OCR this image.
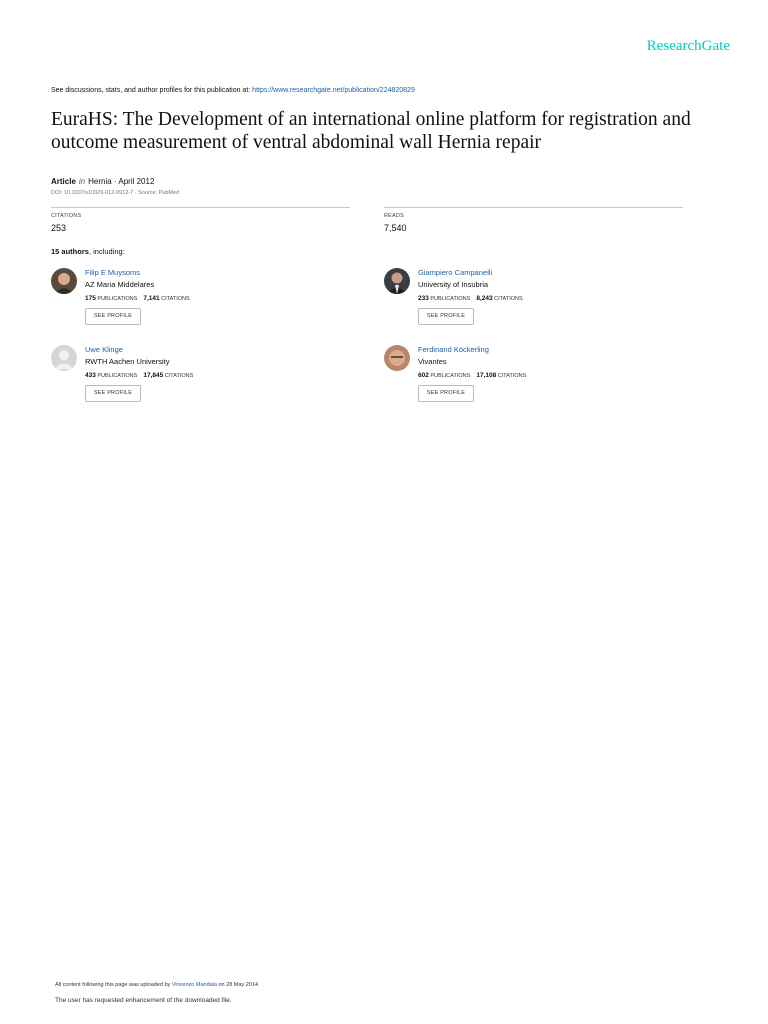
ResearchGate
See discussions, stats, and author profiles for this publication at: https://www.researchgate.net/publication/224820829
EuraHS: The Development of an international online platform for registration and outcome measurement of ventral abdominal wall Hernia repair
Article in Hernia · April 2012
DOI: 10.1007/s10029-012-0912-7 · Source: PubMed
CITATIONS
253
READS
7,540
15 authors, including:
Filip E Muysoms
AZ Maria Middelares
175 PUBLICATIONS 7,141 CITATIONS
SEE PROFILE
Giampiero Campanelli
University of Insubria
233 PUBLICATIONS 8,243 CITATIONS
SEE PROFILE
Uwe Klinge
RWTH Aachen University
433 PUBLICATIONS 17,845 CITATIONS
SEE PROFILE
Ferdinand Köckerling
Vivantes
602 PUBLICATIONS 17,108 CITATIONS
SEE PROFILE
All content following this page was uploaded by Vincenzo Mandala on 28 May 2014.
The user has requested enhancement of the downloaded file.
